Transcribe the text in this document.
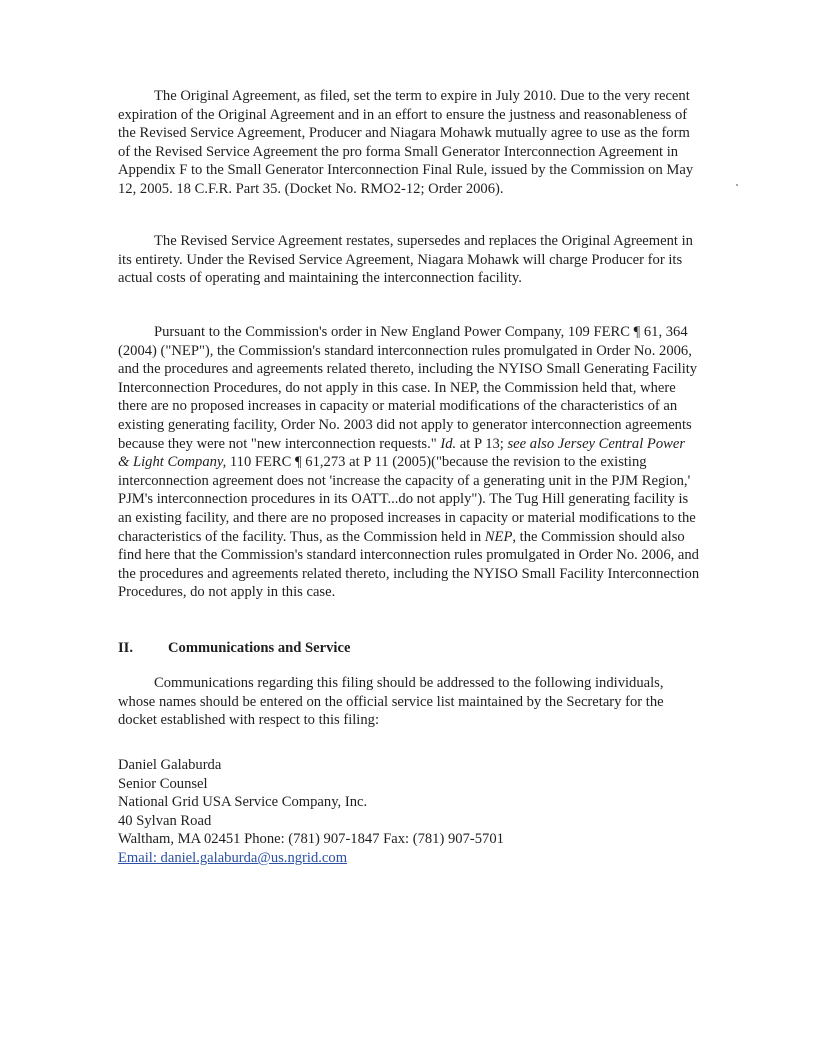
The Original Agreement, as filed, set the term to expire in July 2010. Due to the very recent expiration of the Original Agreement and in an effort to ensure the justness and reasonableness of the Revised Service Agreement, Producer and Niagara Mohawk mutually agree to use as the form of the Revised Service Agreement the pro forma Small Generator Interconnection Agreement in Appendix F to the Small Generator Interconnection Final Rule, issued by the Commission on May 12, 2005. 18 C.F.R. Part 35. (Docket No. RMO2-12; Order 2006).

The Revised Service Agreement restates, supersedes and replaces the Original Agreement in its entirety. Under the Revised Service Agreement, Niagara Mohawk will charge Producer for its actual costs of operating and maintaining the interconnection facility.

Pursuant to the Commission's order in New England Power Company, 109 FERC ¶ 61, 364 (2004) ("NEP"), the Commission's standard interconnection rules promulgated in Order No. 2006, and the procedures and agreements related thereto, including the NYISO Small Generating Facility Interconnection Procedures, do not apply in this case. In NEP, the Commission held that, where there are no proposed increases in capacity or material modifications of the characteristics of an existing generating facility, Order No. 2003 did not apply to generator interconnection agreements because they were not "new interconnection requests." Id. at P 13; see also Jersey Central Power & Light Company, 110 FERC ¶ 61,273 at P 11 (2005)("because the revision to the existing interconnection agreement does not 'increase the capacity of a generating unit in the PJM Region,' PJM's interconnection procedures in its OATT...do not apply"). The Tug Hill generating facility is an existing facility, and there are no proposed increases in capacity or material modifications to the characteristics of the facility. Thus, as the Commission held in NEP, the Commission should also find here that the Commission's standard interconnection rules promulgated in Order No. 2006, and the procedures and agreements related thereto, including the NYISO Small Facility Interconnection Procedures, do not apply in this case.

II. Communications and Service

Communications regarding this filing should be addressed to the following individuals, whose names should be entered on the official service list maintained by the Secretary for the docket established with respect to this filing:

Daniel Galaburda
Senior Counsel
National Grid USA Service Company, Inc.
40 Sylvan Road
Waltham, MA 02451 Phone: (781) 907-1847 Fax: (781) 907-5701
Email: daniel.galaburda@us.ngrid.com
